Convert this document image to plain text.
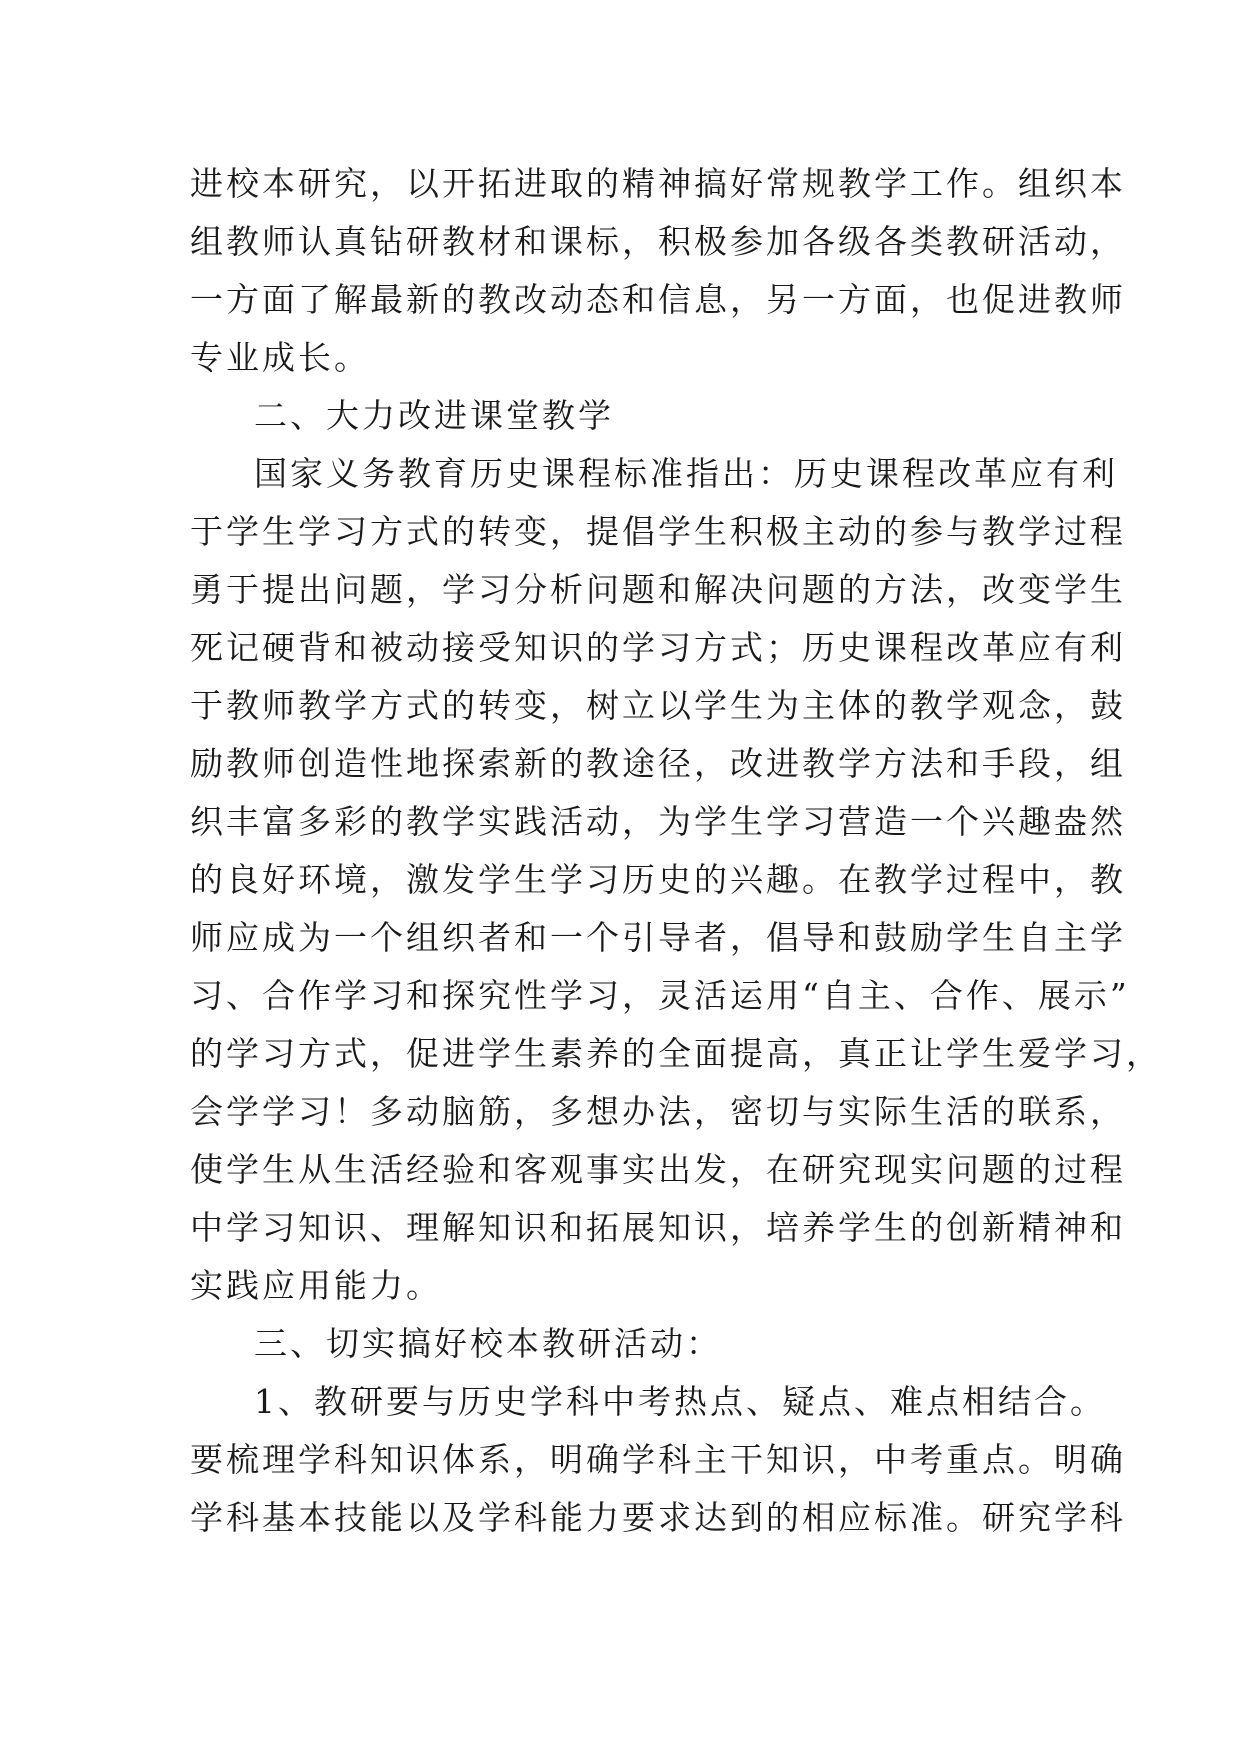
进校本研究，以开拓进取的精神搞好常规教学工作。组织本
组教师认真钻研教材和课标，积极参加各级各类教研活动，
一方面了解最新的教改动态和信息，另一方面，也促进教师
专业成长。
二、大力改进课堂教学
国家义务教育历史课程标准指出：历史课程改革应有利
于学生学习方式的转变，提倡学生积极主动的参与教学过程
勇于提出问题，学习分析问题和解决问题的方法，改变学生
死记硬背和被动接受知识的学习方式；历史课程改革应有利
于教师教学方式的转变，树立以学生为主体的教学观念，鼓
励教师创造性地探索新的教途径，改进教学方法和手段，组
织丰富多彩的教学实践活动，为学生学习营造一个兴趣盎然
的良好环境，激发学生学习历史的兴趣。在教学过程中，教
师应成为一个组织者和一个引导者，倡导和鼓励学生自主学
习、合作学习和探究性学习，灵活运用“自主、合作、展示”
的学习方式，促进学生素养的全面提高，真正让学生爱学习，
会学学习！多动脑筋，多想办法，密切与实际生活的联系，
使学生从生活经验和客观事实出发，在研究现实问题的过程
中学习知识、理解知识和拓展知识，培养学生的创新精神和
实践应用能力。
三、切实搞好校本教研活动：
1、教研要与历史学科中考热点、疑点、难点相结合。
要梳理学科知识体系，明确学科主干知识，中考重点。明确
学科基本技能以及学科能力要求达到的相应标准。研究学科
